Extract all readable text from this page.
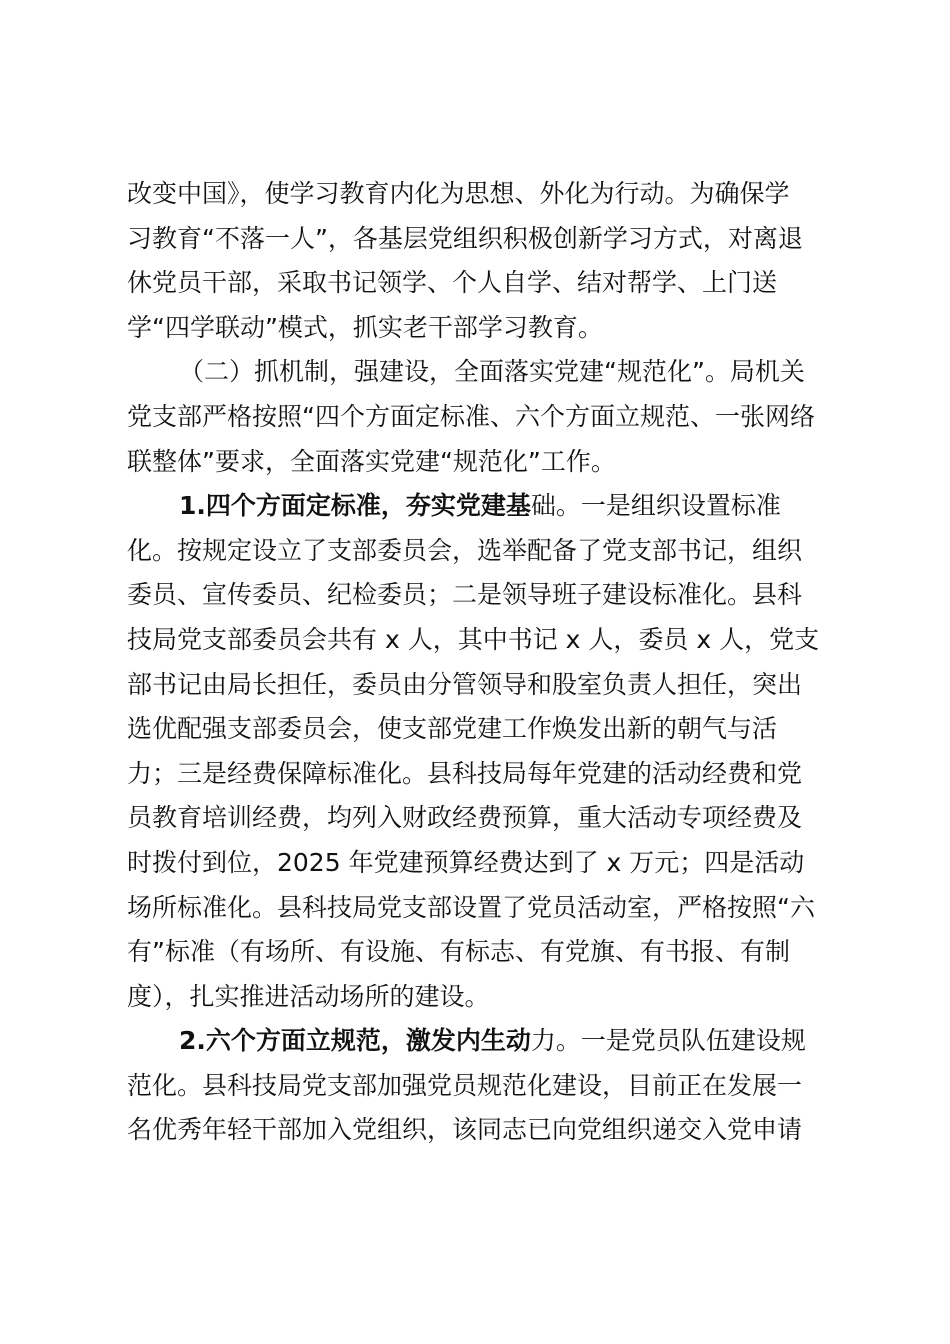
改变中国》，使学习教育内化为思想、外化为行动。为确保学
习教育“不落一人”，各基层党组织积极创新学习方式，对离退
休党员干部，采取书记领学、个人自学、结对帮学、上门送
学“四学联动”模式，抓实老干部学习教育。
（二）抓机制，强建设，全面落实党建“规范化”。局机关
党支部严格按照“四个方面定标准、六个方面立规范、一张网络
联整体”要求，全面落实党建“规范化”工作。
1.四个方面定标准，夯实党建基础。一是组织设置标准
化。按规定设立了支部委员会，选举配备了党支部书记，组织
委员、宣传委员、纪检委员；二是领导班子建设标准化。县科
技局党支部委员会共有 x 人，其中书记 x 人，委员 x 人，党支
部书记由局长担任，委员由分管领导和股室负责人担任，突出
选优配强支部委员会，使支部党建工作焕发出新的朝气与活
力；三是经费保障标准化。县科技局每年党建的活动经费和党
员教育培训经费，均列入财政经费预算，重大活动专项经费及
时拨付到位，2025 年党建预算经费达到了 x 万元；四是活动
场所标准化。县科技局党支部设置了党员活动室，严格按照“六
有”标准（有场所、有设施、有标志、有党旗、有书报、有制
度），扎实推进活动场所的建设。
2.六个方面立规范，激发内生动力。一是党员队伍建设规
范化。县科技局党支部加强党员规范化建设，目前正在发展一
名优秀年轻干部加入党组织，该同志已向党组织递交入党申请
